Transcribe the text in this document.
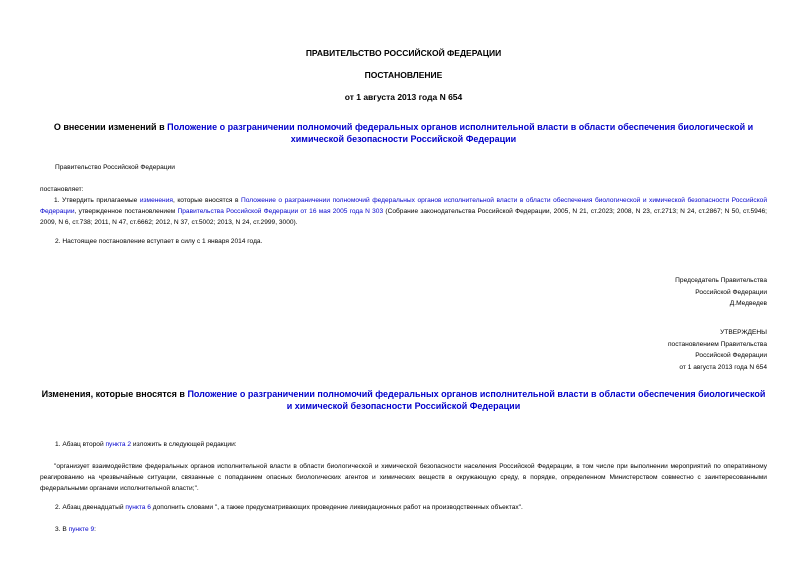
ПРАВИТЕЛЬСТВО РОССИЙСКОЙ ФЕДЕРАЦИИ
ПОСТАНОВЛЕНИЕ
от 1 августа 2013 года N 654
О внесении изменений в Положение о разграничении полномочий федеральных органов исполнительной власти в области обеспечения биологической и химической безопасности Российской Федерации
Правительство Российской Федерации
постановляет:
1. Утвердить прилагаемые изменения, которые вносятся в Положение о разграничении полномочий федеральных органов исполнительной власти в области обеспечения биологической и химической безопасности Российской Федерации, утвержденное постановлением Правительства Российской Федерации от 16 мая 2005 года N 303 (Собрание законодательства Российской Федерации, 2005, N 21, ст.2023; 2008, N 23, ст.2713; N 24, ст.2867; N 50, ст.5946; 2009, N 6, ст.738; 2011, N 47, ст.6662; 2012, N 37, ст.5002; 2013, N 24, ст.2999, 3000).
2. Настоящее постановление вступает в силу с 1 января 2014 года.
Председатель Правительства
Российской Федерации
Д.Медведев
УТВЕРЖДЕНЫ
постановлением Правительства
Российской Федерации
от 1 августа 2013 года N 654
Изменения, которые вносятся в Положение о разграничении полномочий федеральных органов исполнительной власти в области обеспечения биологической и химической безопасности Российской Федерации
1. Абзац второй пункта 2 изложить в следующей редакции:
"организует взаимодействие федеральных органов исполнительной власти в области биологической и химической безопасности населения Российской Федерации, в том числе при выполнении мероприятий по оперативному реагированию на чрезвычайные ситуации, связанные с попаданием опасных биологических агентов и химических веществ в окружающую среду, в порядке, определенном Министерством совместно с заинтересованными федеральными органами исполнительной власти;".
2. Абзац двенадцатый пункта 6 дополнить словами ", а также предусматривающих проведение ликвидационных работ на производственных объектах".
3. В пункте 9:
